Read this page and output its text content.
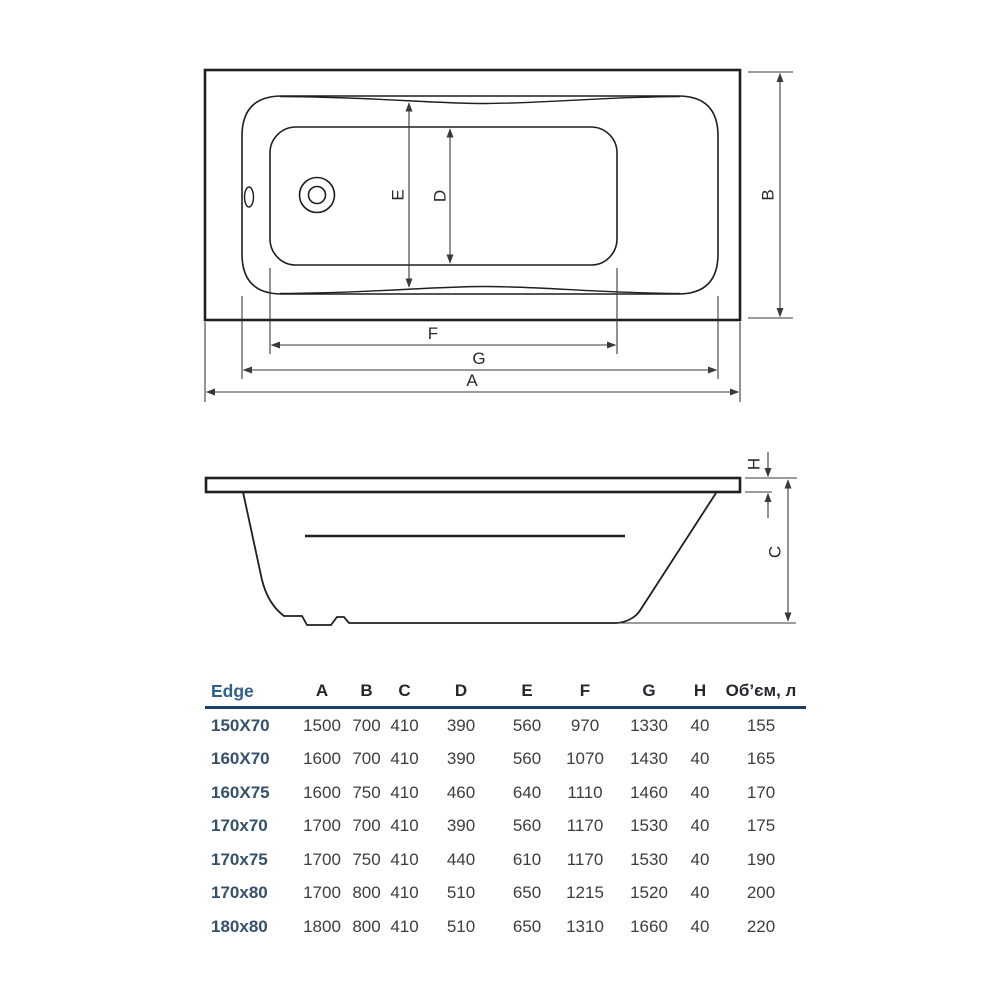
E D	B
F
G
A
H
C
Edge	A	B	C	D	E	F	G	H	Об’єм, л
150X70	1500 700 410	390	560	970	1330	40	155
160X70	1600 700 410	390	560	1070	1430	40	165
160X75	1600 750 410	460	640	1110	1460	40	170
170x70	1700 700 410	390	560	1170	1530	40	175
170x75	1700 750 410	440	610	1170	1530	40	190
170x80	1700 800 410	510	650	1215	1520	40	200
180x80	1800 800 410	510	650	1310	1660	40	220
